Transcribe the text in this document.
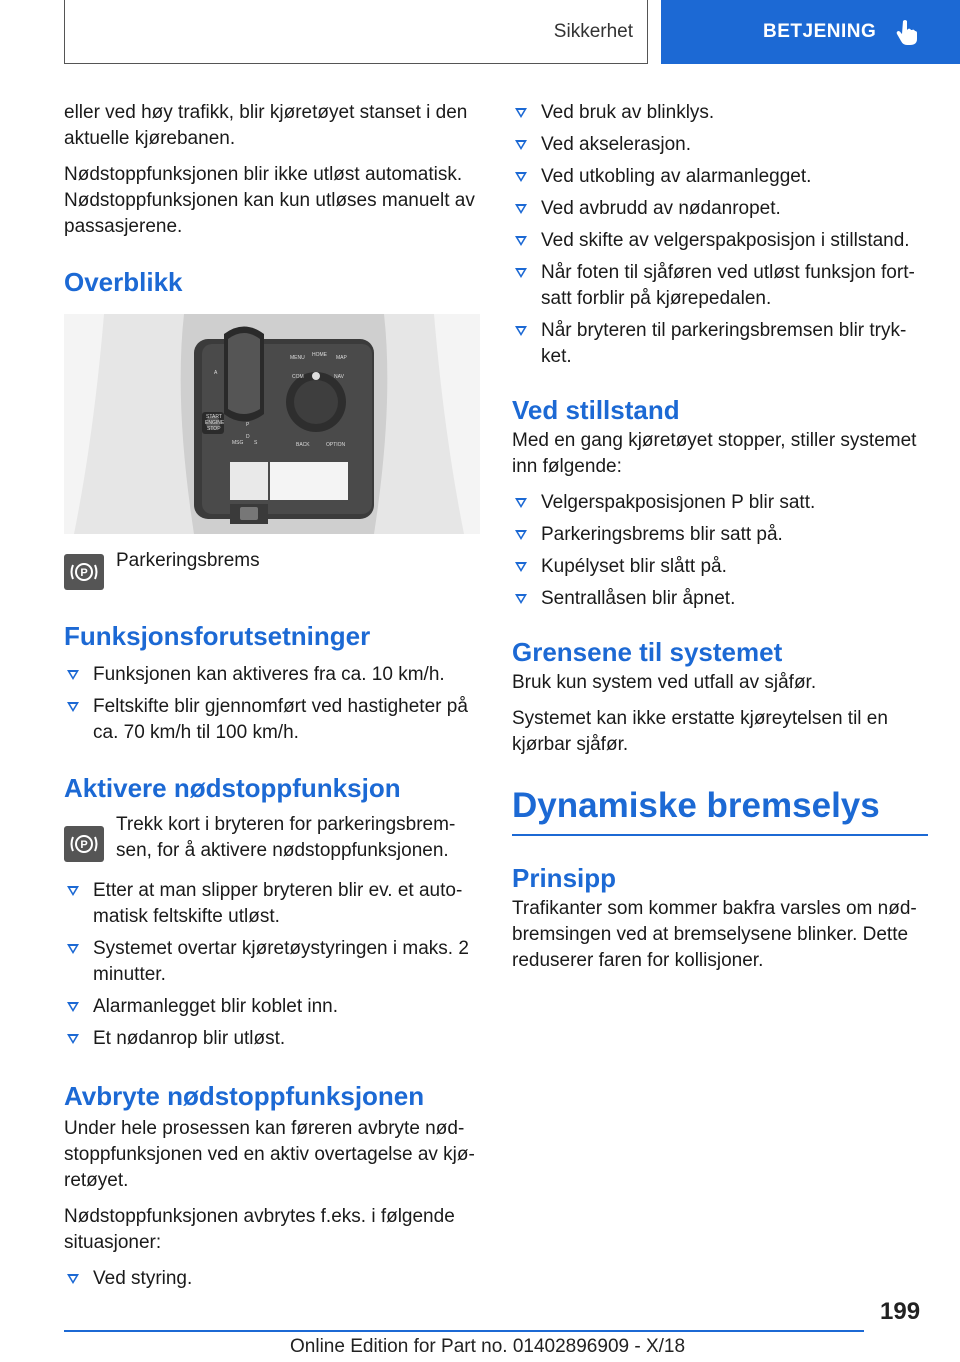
Sikkerhet	BETJENING

eller ved høy trafikk, blir kjøretøyet stanset i den aktuelle kjørebanen.

Nødstoppfunksjonen blir ikke utløst automatisk. Nødstoppfunksjonen kan kun utløses manuelt av passasjerene.

Overblikk
MENU HOME MAP
COM	NAV
BACK	OPTION
START
ENGINE
STOP
P
D
MSG S
A
P
Parkeringsbrems
Funksjonsforutsetninger
Funksjonen kan aktiveres fra ca. 10 km/h.
Feltskifte blir gjennomført ved hastigheter på ca. 70 km/h til 100 km/h.
Aktivere nødstoppfunksjon
P
Trekk kort i bryteren for parkeringsbremsen, for å aktivere nødstoppfunksjonen.
Etter at man slipper bryteren blir ev. et automatisk feltskifte utløst.
Systemet overtar kjøretøystyringen i maks. 2 minutter.
Alarmanlegget blir koblet inn.
Et nødanrop blir utløst.
Avbryte nødstoppfunksjonen

Under hele prosessen kan føreren avbryte nødstoppfunksjonen ved en aktiv overtagelse av kjøretøyet.

Nødstoppfunksjonen avbrytes f.eks. i følgende situasjoner:

Ved styring.
Ved bruk av blinklys.
Ved akselerasjon.
Ved utkobling av alarmanlegget.
Ved avbrudd av nødanropet.
Ved skifte av velgerspakposisjon i stillstand.
Når foten til sjåføren ved utløst funksjon fortsatt forblir på kjørepedalen.
Når bryteren til parkeringsbremsen blir trykket.
Ved stillstand

Med en gang kjøretøyet stopper, stiller systemet inn følgende:

Velgerspakposisjonen P blir satt.
Parkeringsbrems blir satt på.
Kupélyset blir slått på.
Sentrallåsen blir åpnet.
Grensene til systemet

Bruk kun system ved utfall av sjåfør.

Systemet kan ikke erstatte kjøreytelsen til en kjørbar sjåfør.

Dynamiske bremselys
Prinsipp

Trafikanter som kommer bakfra varsles om nødbremsingen ved at bremselysene blinker. Dette reduserer faren for kollisjoner.

199
Online Edition for Part no. 01402896909 - X/18
